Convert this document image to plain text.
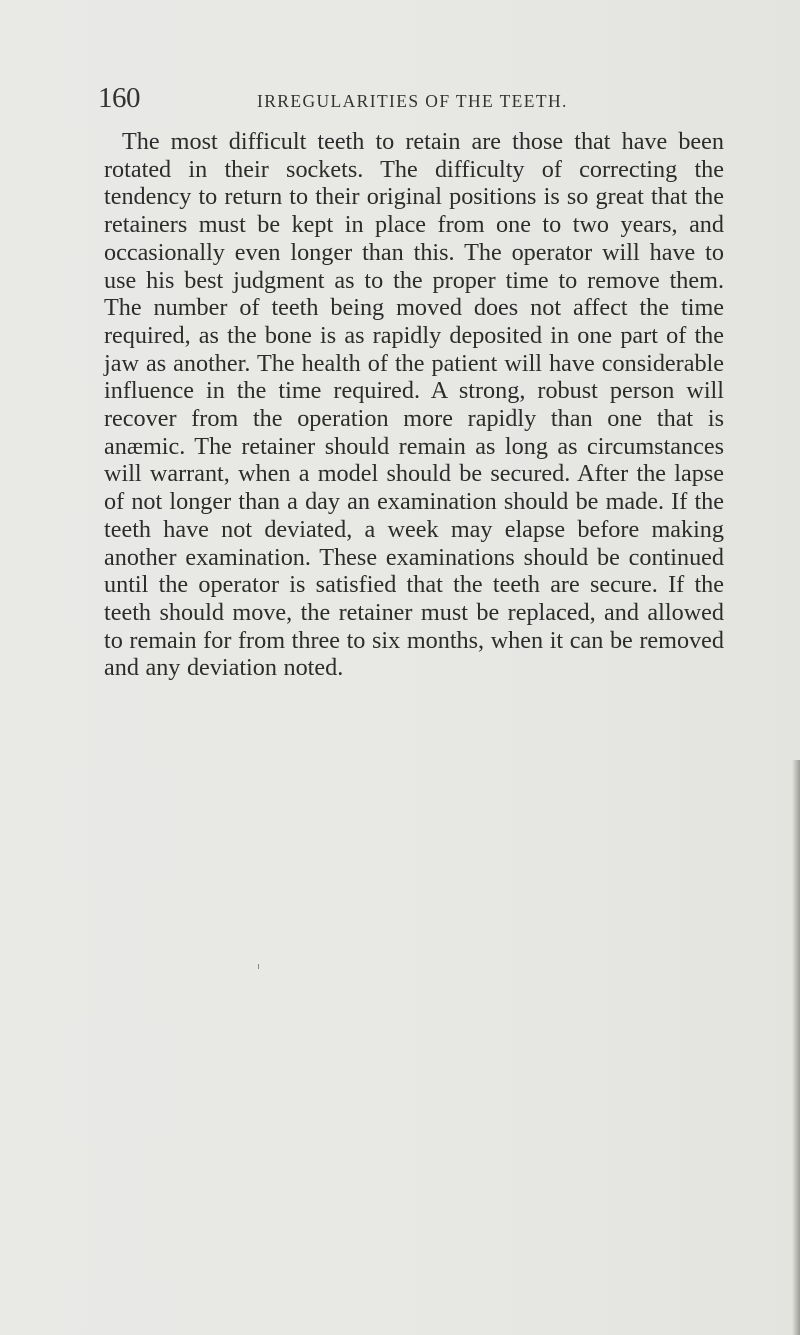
160	IRREGULARITIES OF THE TEETH.

The most difficult teeth to retain are those that have been rotated in their sockets. The difficulty of correcting the tendency to return to their original positions is so great that the retainers must be kept in place from one to two years, and occasionally even longer than this. The operator will have to use his best judgment as to the proper time to remove them. The number of teeth being moved does not affect the time required, as the bone is as rapidly deposited in one part of the jaw as another. The health of the patient will have considerable influence in the time required. A strong, robust person will recover from the operation more rapidly than one that is anæmic. The retainer should remain as long as circumstances will warrant, when a model should be secured. After the lapse of not longer than a day an examination should be made. If the teeth have not deviated, a week may elapse before making another examination. These examinations should be continued until the operator is satisfied that the teeth are secure. If the teeth should move, the retainer must be replaced, and allowed to remain for from three to six months, when it can be removed and any deviation noted.
